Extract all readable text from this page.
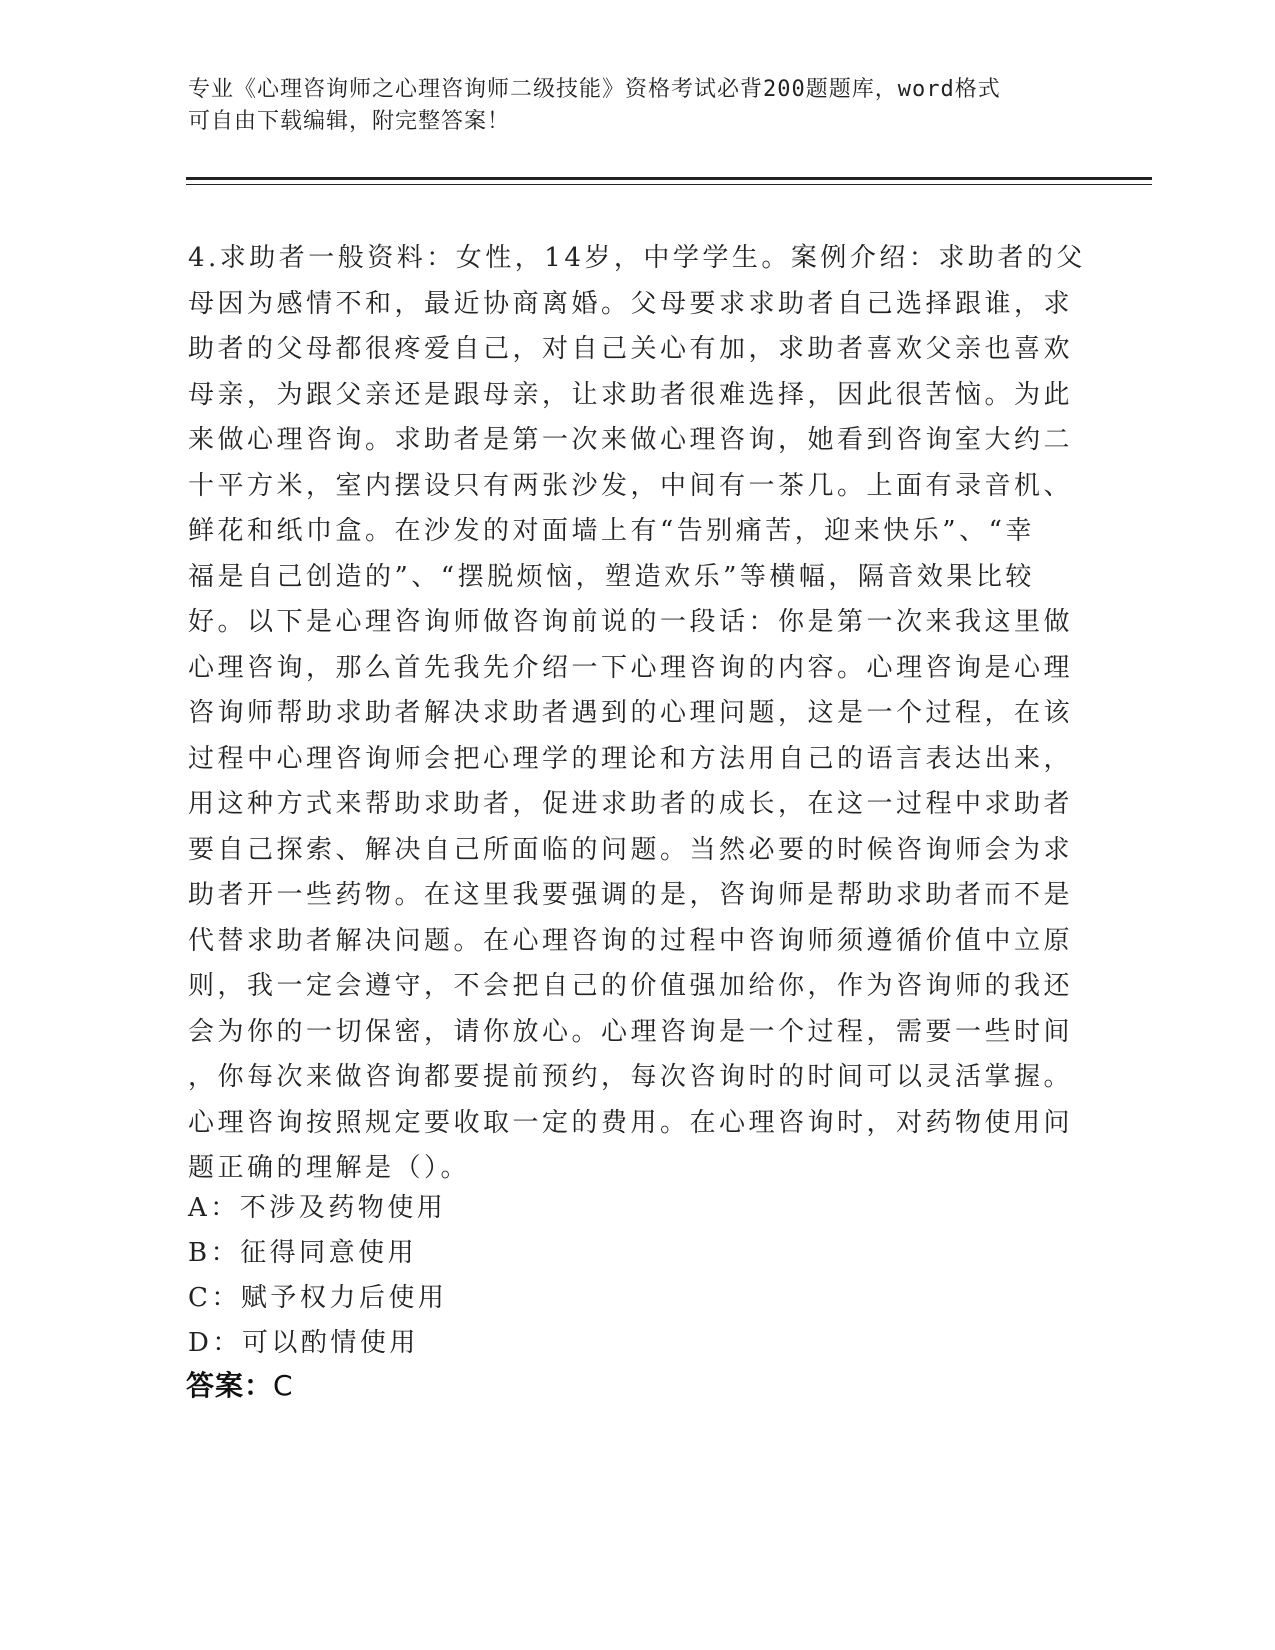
专业《心理咨询师之心理咨询师二级技能》资格考试必背200题题库，word格式
可自由下载编辑，附完整答案！
4.求助者一般资料：女性，14岁，中学学生。案例介绍：求助者的父
母因为感情不和，最近协商离婚。父母要求求助者自己选择跟谁，求
助者的父母都很疼爱自己，对自己关心有加，求助者喜欢父亲也喜欢
母亲，为跟父亲还是跟母亲，让求助者很难选择，因此很苦恼。为此
来做心理咨询。求助者是第一次来做心理咨询，她看到咨询室大约二
十平方米，室内摆设只有两张沙发，中间有一茶几。上面有录音机、
鲜花和纸巾盒。在沙发的对面墙上有“告别痛苦，迎来快乐”、“幸
福是自己创造的”、“摆脱烦恼，塑造欢乐”等横幅，隔音效果比较
好。以下是心理咨询师做咨询前说的一段话：你是第一次来我这里做
心理咨询，那么首先我先介绍一下心理咨询的内容。心理咨询是心理
咨询师帮助求助者解决求助者遇到的心理问题，这是一个过程，在该
过程中心理咨询师会把心理学的理论和方法用自己的语言表达出来，
用这种方式来帮助求助者，促进求助者的成长，在这一过程中求助者
要自己探索、解决自己所面临的问题。当然必要的时候咨询师会为求
助者开一些药物。在这里我要强调的是，咨询师是帮助求助者而不是
代替求助者解决问题。在心理咨询的过程中咨询师须遵循价值中立原
则，我一定会遵守，不会把自己的价值强加给你，作为咨询师的我还
会为你的一切保密，请你放心。心理咨询是一个过程，需要一些时间
，你每次来做咨询都要提前预约，每次咨询时的时间可以灵活掌握。
心理咨询按照规定要收取一定的费用。在心理咨询时，对药物使用问
题正确的理解是（）。
A：不涉及药物使用
B：征得同意使用
C：赋予权力后使用
D：可以酌情使用
答案：C
